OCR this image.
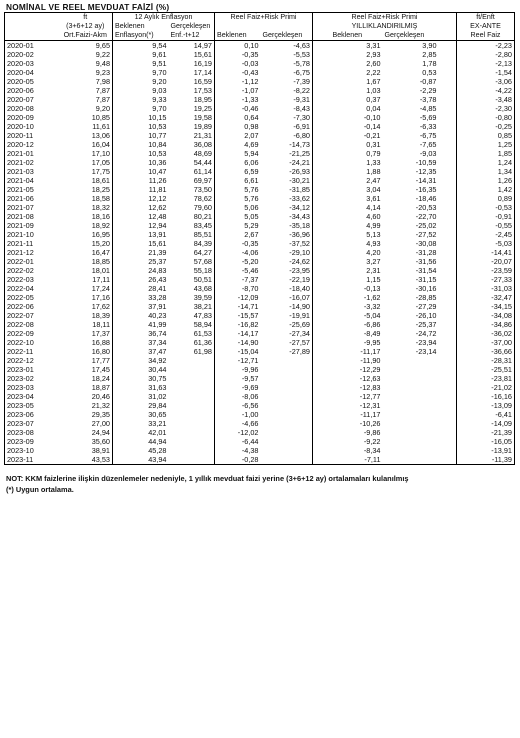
NOMİNAL VE REEL MEVDUAT FAİZİ (%)
	ft	12 Aylık Enflasyon		Reel Faiz+Risk Primi			Reel Faiz+Risk Primi			ft/Enft
	(3+6+12 ay)	Beklenen	Gerçekleşen				YILLIKLANDIRILMIŞ			EX-ANTE
	Ort.Faizi-Akm	Enflasyon(*)	Enf.-t+12	Beklenen	Gerçekleşen		Beklenen	Gerçekleşen		Reel Faiz
2020-01	9,65	9,54	14,97	0,10	-4,63		3,31	3,90		-2,23
2020-02	9,22	9,61	15,61	-0,35	-5,53		2,93	2,85		-2,80
2020-03	9,48	9,51	16,19	-0,03	-5,78		2,60	1,78		-2,13
2020-04	9,23	9,70	17,14	-0,43	-6,75		2,22	0,53		-1,54
2020-05	7,98	9,20	16,59	-1,12	-7,39		1,67	-0,87		-3,06
2020-06	7,87	9,03	17,53	-1,07	-8,22		1,03	-2,29		-4,22
2020-07	7,87	9,33	18,95	-1,33	-9,31		0,37	-3,78		-3,48
2020-08	9,20	9,70	19,25	-0,46	-8,43		0,04	-4,85		-2,30
2020-09	10,85	10,15	19,58	0,64	-7,30		-0,10	-5,69		-0,80
2020-10	11,61	10,53	19,89	0,98	-6,91		-0,14	-6,33		-0,25
2020-11	13,06	10,77	21,31	2,07	-6,80		-0,21	-6,75		0,85
2020-12	16,04	10,84	36,08	4,69	-14,73		0,31	-7,65		1,25
2021-01	17,10	10,53	48,69	5,94	-21,25		0,79	-9,03		1,85
2021-02	17,05	10,36	54,44	6,06	-24,21		1,33	-10,59		1,24
2021-03	17,75	10,47	61,14	6,59	-26,93		1,88	-12,35		1,34
2021-04	18,61	11,26	69,97	6,61	-30,21		2,47	-14,31		1,26
2021-05	18,25	11,81	73,50	5,76	-31,85		3,04	-16,35		1,42
2021-06	18,58	12,12	78,62	5,76	-33,62		3,61	-18,46		0,89
2021-07	18,32	12,62	79,60	5,06	-34,12		4,14	-20,53		-0,53
2021-08	18,16	12,48	80,21	5,05	-34,43		4,60	-22,70		-0,91
2021-09	18,92	12,94	83,45	5,29	-35,18		4,99	-25,02		-0,55
2021-10	16,95	13,91	85,51	2,67	-36,96		5,13	-27,52		-2,45
2021-11	15,20	15,61	84,39	-0,35	-37,52		4,93	-30,08		-5,03
2021-12	16,47	21,39	64,27	-4,06	-29,10		4,20	-31,28		-14,41
2022-01	18,85	25,37	57,68	-5,20	-24,62		3,27	-31,56		-20,07
2022-02	18,01	24,83	55,18	-5,46	-23,95		2,31	-31,54		-23,59
2022-03	17,11	26,43	50,51	-7,37	-22,19		1,15	-31,15		-27,33
2022-04	17,24	28,41	43,68	-8,70	-18,40		-0,13	-30,16		-31,03
2022-05	17,16	33,28	39,59	-12,09	-16,07		-1,62	-28,85		-32,47
2022-06	17,62	37,91	38,21	-14,71	-14,90		-3,32	-27,29		-34,15
2022-07	18,39	40,23	47,83	-15,57	-19,91		-5,04	-26,10		-34,08
2022-08	18,11	41,99	58,94	-16,82	-25,69		-6,86	-25,37		-34,86
2022-09	17,37	36,74	61,53	-14,17	-27,34		-8,49	-24,72		-36,02
2022-10	16,88	37,34	61,36	-14,90	-27,57		-9,95	-23,94		-37,00
2022-11	16,80	37,47	61,98	-15,04	-27,89		-11,17	-23,14		-36,66
2022-12	17,77	34,92		-12,71			-11,90			-28,31
2023-01	17,45	30,44		-9,96			-12,29			-25,51
2023-02	18,24	30,75		-9,57			-12,63			-23,81
2023-03	18,87	31,63		-9,69			-12,83			-21,02
2023-04	20,46	31,02		-8,06			-12,77			-16,16
2023-05	21,32	29,84		-6,56			-12,31			-13,09
2023-06	29,35	30,65		-1,00			-11,17			-6,41
2023-07	27,00	33,21		-4,66			-10,26			-14,09
2023-08	24,94	42,01		-12,02			-9,86			-21,39
2023-09	35,60	44,94		-6,44			-9,22			-16,05
2023-10	38,91	45,28		-4,38			-8,34			-13,91
2023-11	43,53	43,94		-0,28			-7,11			-11,39
NOT: KKM faizlerine ilişkin düzenlemeler nedeniyle, 1 yıllık mevduat faizi yerine (3+6+12 ay) ortalamaları kulanılmış
(*) Uygun ortalama.
